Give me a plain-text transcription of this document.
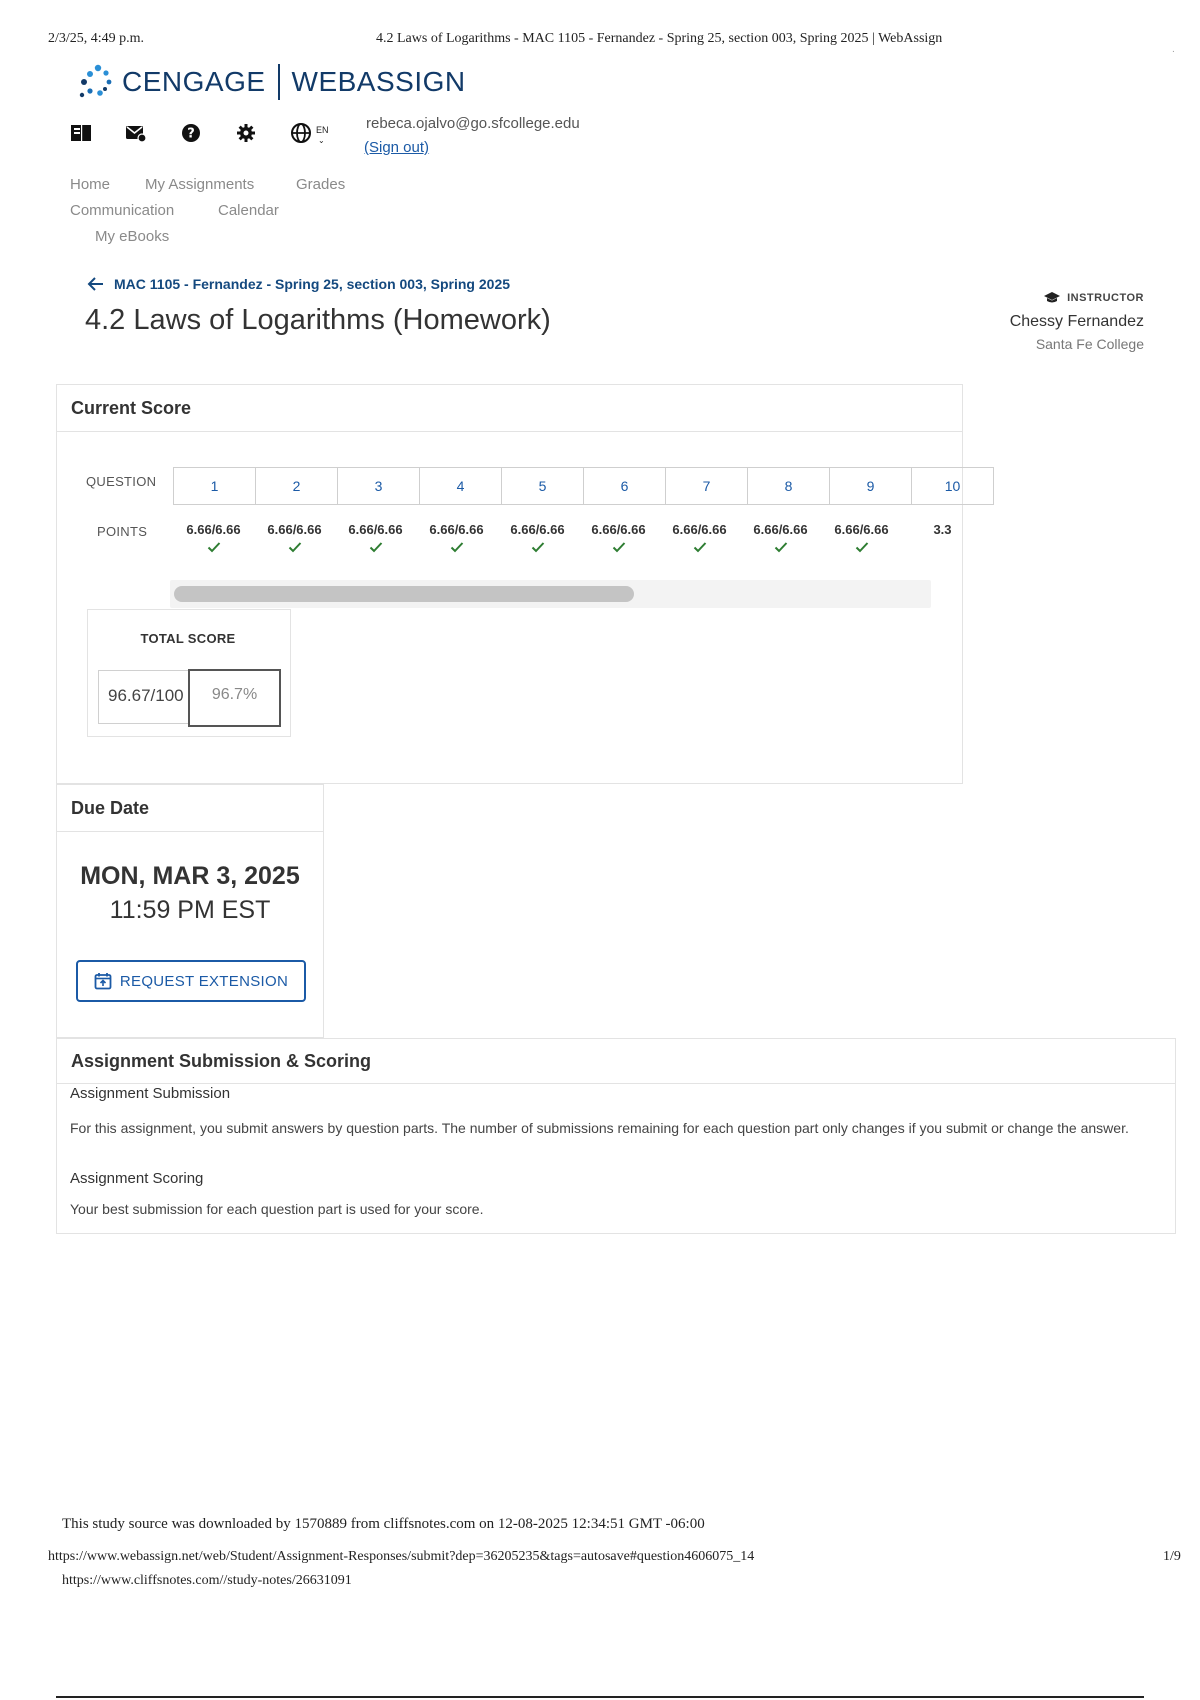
2/3/25, 4:49 p.m.	4.2 Laws of Logarithms - MAC 1105 - Fernandez - Spring 25, section 003, Spring 2025 | WebAssign
.
CENGAGE WEBASSIGN
?	EN
⌄
rebeca.ojalvo@go.sfcollege.edu
(Sign out)
Home My Assignments	Grades
Communication	Calendar
My eBooks
MAC 1105 - Fernandez - Spring 25, section 003, Spring 2025
4.2 Laws of Logarithms (Homework)
INSTRUCTOR
Chessy Fernandez
Santa Fe College
Current Score
QUESTION
POINTS
1	2	3	4	5	6	7	8	9	10
6.66/6.66	6.66/6.66	6.66/6.66	6.66/6.66	6.66/6.66	6.66/6.66	6.66/6.66	6.66/6.66	6.66/6.66	3.3
TOTAL SCORE
96.67/100	96.7%
Due Date
MON, MAR 3, 2025
11:59 PM EST
REQUEST EXTENSION
Assignment Submission & Scoring
Assignment Submission
For this assignment, you submit answers by question parts. The number of submissions remaining for each question part only changes if you submit or change the answer.
Assignment Scoring
Your best submission for each question part is used for your score.
This study source was downloaded by 1570889 from cliffsnotes.com on 12-08-2025 12:34:51 GMT -06:00
https://www.webassign.net/web/Student/Assignment-Responses/submit?dep=36205235&tags=autosave#question4606075_14	1/9
https://www.cliffsnotes.com//study-notes/26631091
